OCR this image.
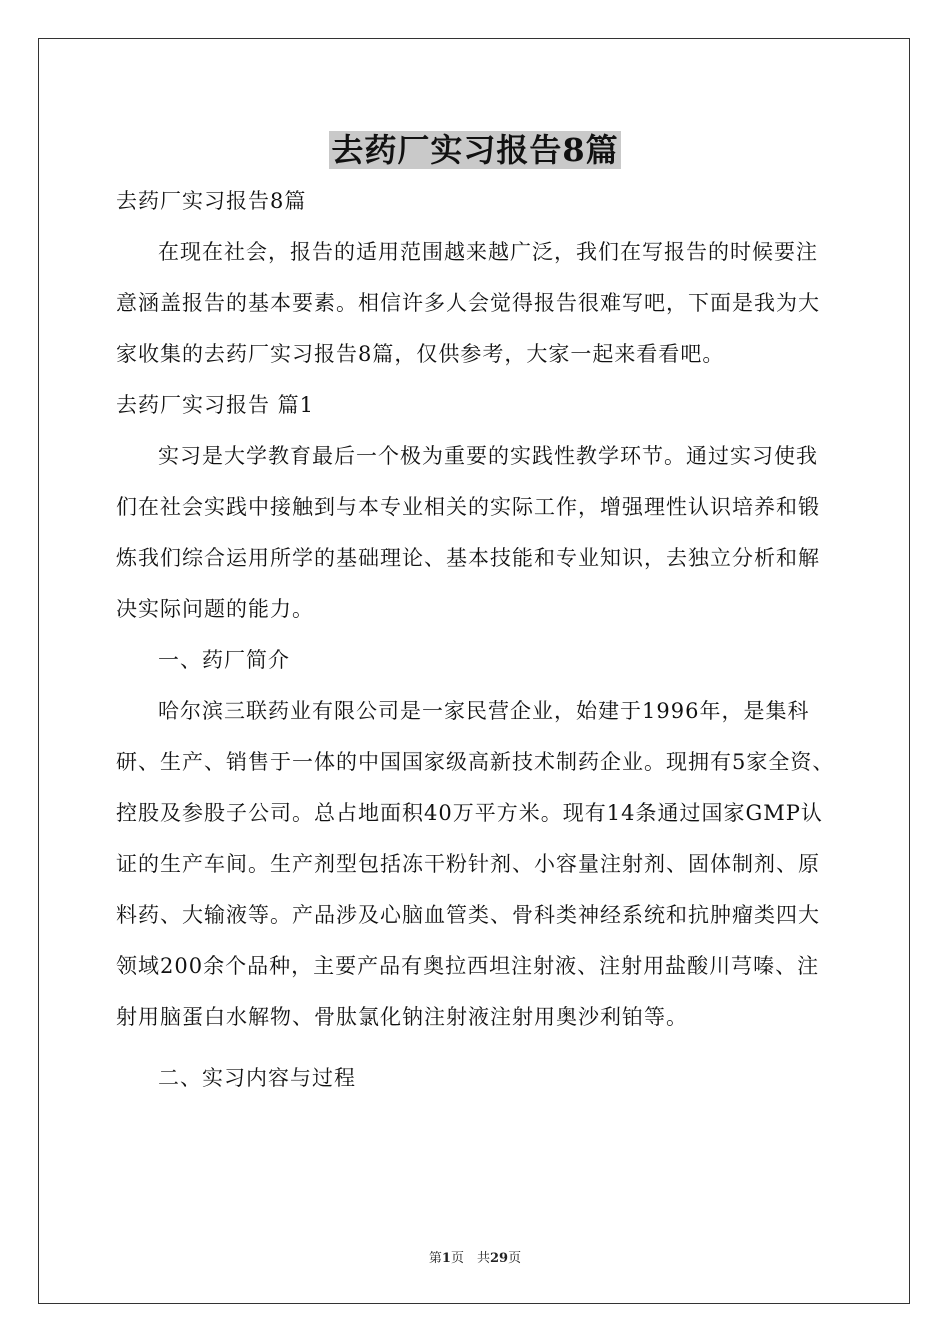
去药厂实习报告8篇

去药厂实习报告8篇

在现在社会，报告的适用范围越来越广泛，我们在写报告的时候要注意涵盖报告的基本要素。相信许多人会觉得报告很难写吧，下面是我为大家收集的去药厂实习报告8篇，仅供参考，大家一起来看看吧。

去药厂实习报告 篇1

实习是大学教育最后一个极为重要的实践性教学环节。通过实习使我们在社会实践中接触到与本专业相关的实际工作，增强理性认识培养和锻炼我们综合运用所学的基础理论、基本技能和专业知识，去独立分析和解决实际问题的能力。

一、药厂简介

哈尔滨三联药业有限公司是一家民营企业，始建于1996年，是集科研、生产、销售于一体的中国国家级高新技术制药企业。现拥有5家全资、控股及参股子公司。总占地面积40万平方米。现有14条通过国家GMP认证的生产车间。生产剂型包括冻干粉针剂、小容量注射剂、固体制剂、原料药、大输液等。产品涉及心脑血管类、骨科类神经系统和抗肿瘤类四大领域200余个品种，主要产品有奥拉西坦注射液、注射用盐酸川芎嗪、注射用脑蛋白水解物、骨肽氯化钠注射液注射用奥沙利铂等。

二、实习内容与过程

第1页　共29页
